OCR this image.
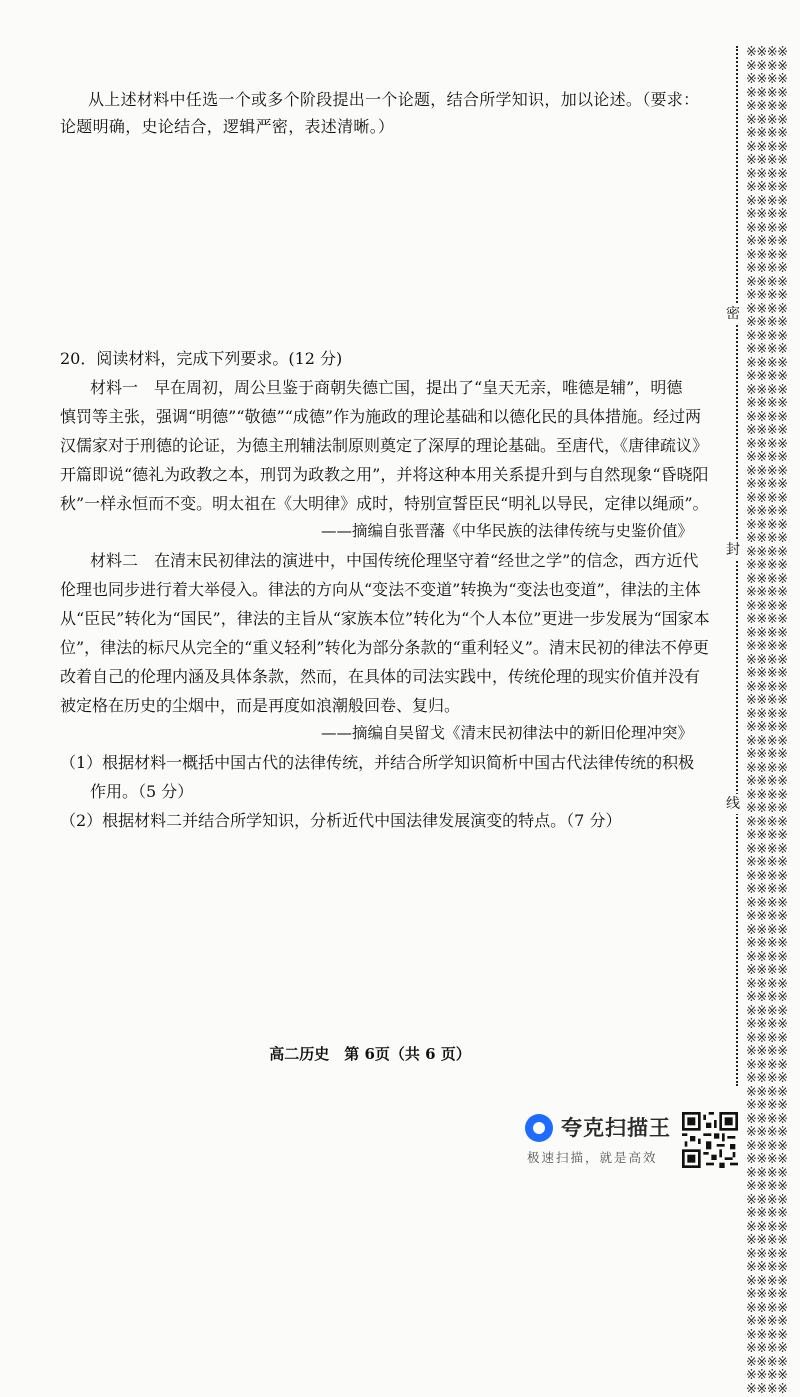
从上述材料中任选一个或多个阶段提出一个论题，结合所学知识，加以论述。（要求：论题明确，史论结合，逻辑严密，表述清晰。）
20．阅读材料，完成下列要求。(12 分)
材料一　早在周初，周公旦鉴于商朝失德亡国，提出了“皇天无亲，唯德是辅”，明德
慎罚等主张，强调“明德”“敬德”“成德”作为施政的理论基础和以德化民的具体措施。经过两
汉儒家对于刑德的论证，为德主刑辅法制原则奠定了深厚的理论基础。至唐代，《唐律疏议》
开篇即说“德礼为政教之本，刑罚为政教之用”，并将这种本用关系提升到与自然现象“昏晓阳
秋”一样永恒而不变。明太祖在《大明律》成时，特别宣誓臣民“明礼以导民，定律以绳顽”。
——摘编自张晋藩《中华民族的法律传统与史鉴价值》
材料二　在清末民初律法的演进中，中国传统伦理坚守着“经世之学”的信念，西方近代
伦理也同步进行着大举侵入。律法的方向从“变法不变道”转换为“变法也变道”，律法的主体
从“臣民”转化为“国民”，律法的主旨从“家族本位”转化为“个人本位”更进一步发展为“国家本
位”，律法的标尺从完全的“重义轻利”转化为部分条款的“重利轻义”。清末民初的律法不停更
改着自己的伦理内涵及具体条款，然而，在具体的司法实践中，传统伦理的现实价值并没有
被定格在历史的尘烟中，而是再度如浪潮般回卷、复归。
——摘编自吴留戈《清末民初律法中的新旧伦理冲突》
（1）根据材料一概括中国古代的法律传统，并结合所学知识简析中国古代法律传统的积极
作用。（5 分）
（2）根据材料二并结合所学知识，分析近代中国法律发展演变的特点。（7 分）
高二历史　第 6页（共 6 页）
※※※※※※※※※※※※※※※※※※※※※※※※※※※※※※※※※※※※※※※※※※※※※※※※※※※※※※※※※※※※※※※※※※※※※※※※※※※※※※※※※※※※※※※※※※※※※※※※※※※※※※※※※※※※※※※※※※※※※※※※※※※※※※※※※※※※※※※※※※※※※※※※※※※※※※※※※※※※※※※※※※※※※※※※※※※※※※※※※※※※※※※※※※※※※※※※※※※※※※※※※※※※※※※※※※※※※※※※※※※※※※※※※※※※※※※※※※※※※※※※※※※※※※※※※※※※※※※※※※※※※※※※※※※※※※※※※※※※※※※※※※※※※※※※※※※※※※※※※※※※※※※※※※※※※※※※※※※※※※※※※※※※※※※※※※※※※※※※※※※※※※※※※※※※※※※※※※※※※※※※※※※※※※※※※※※※※※※※※※※※※※※※※※※※※※※※※※※※※※※※
密
封
线
夸克扫描王
极速扫描，就是高效
